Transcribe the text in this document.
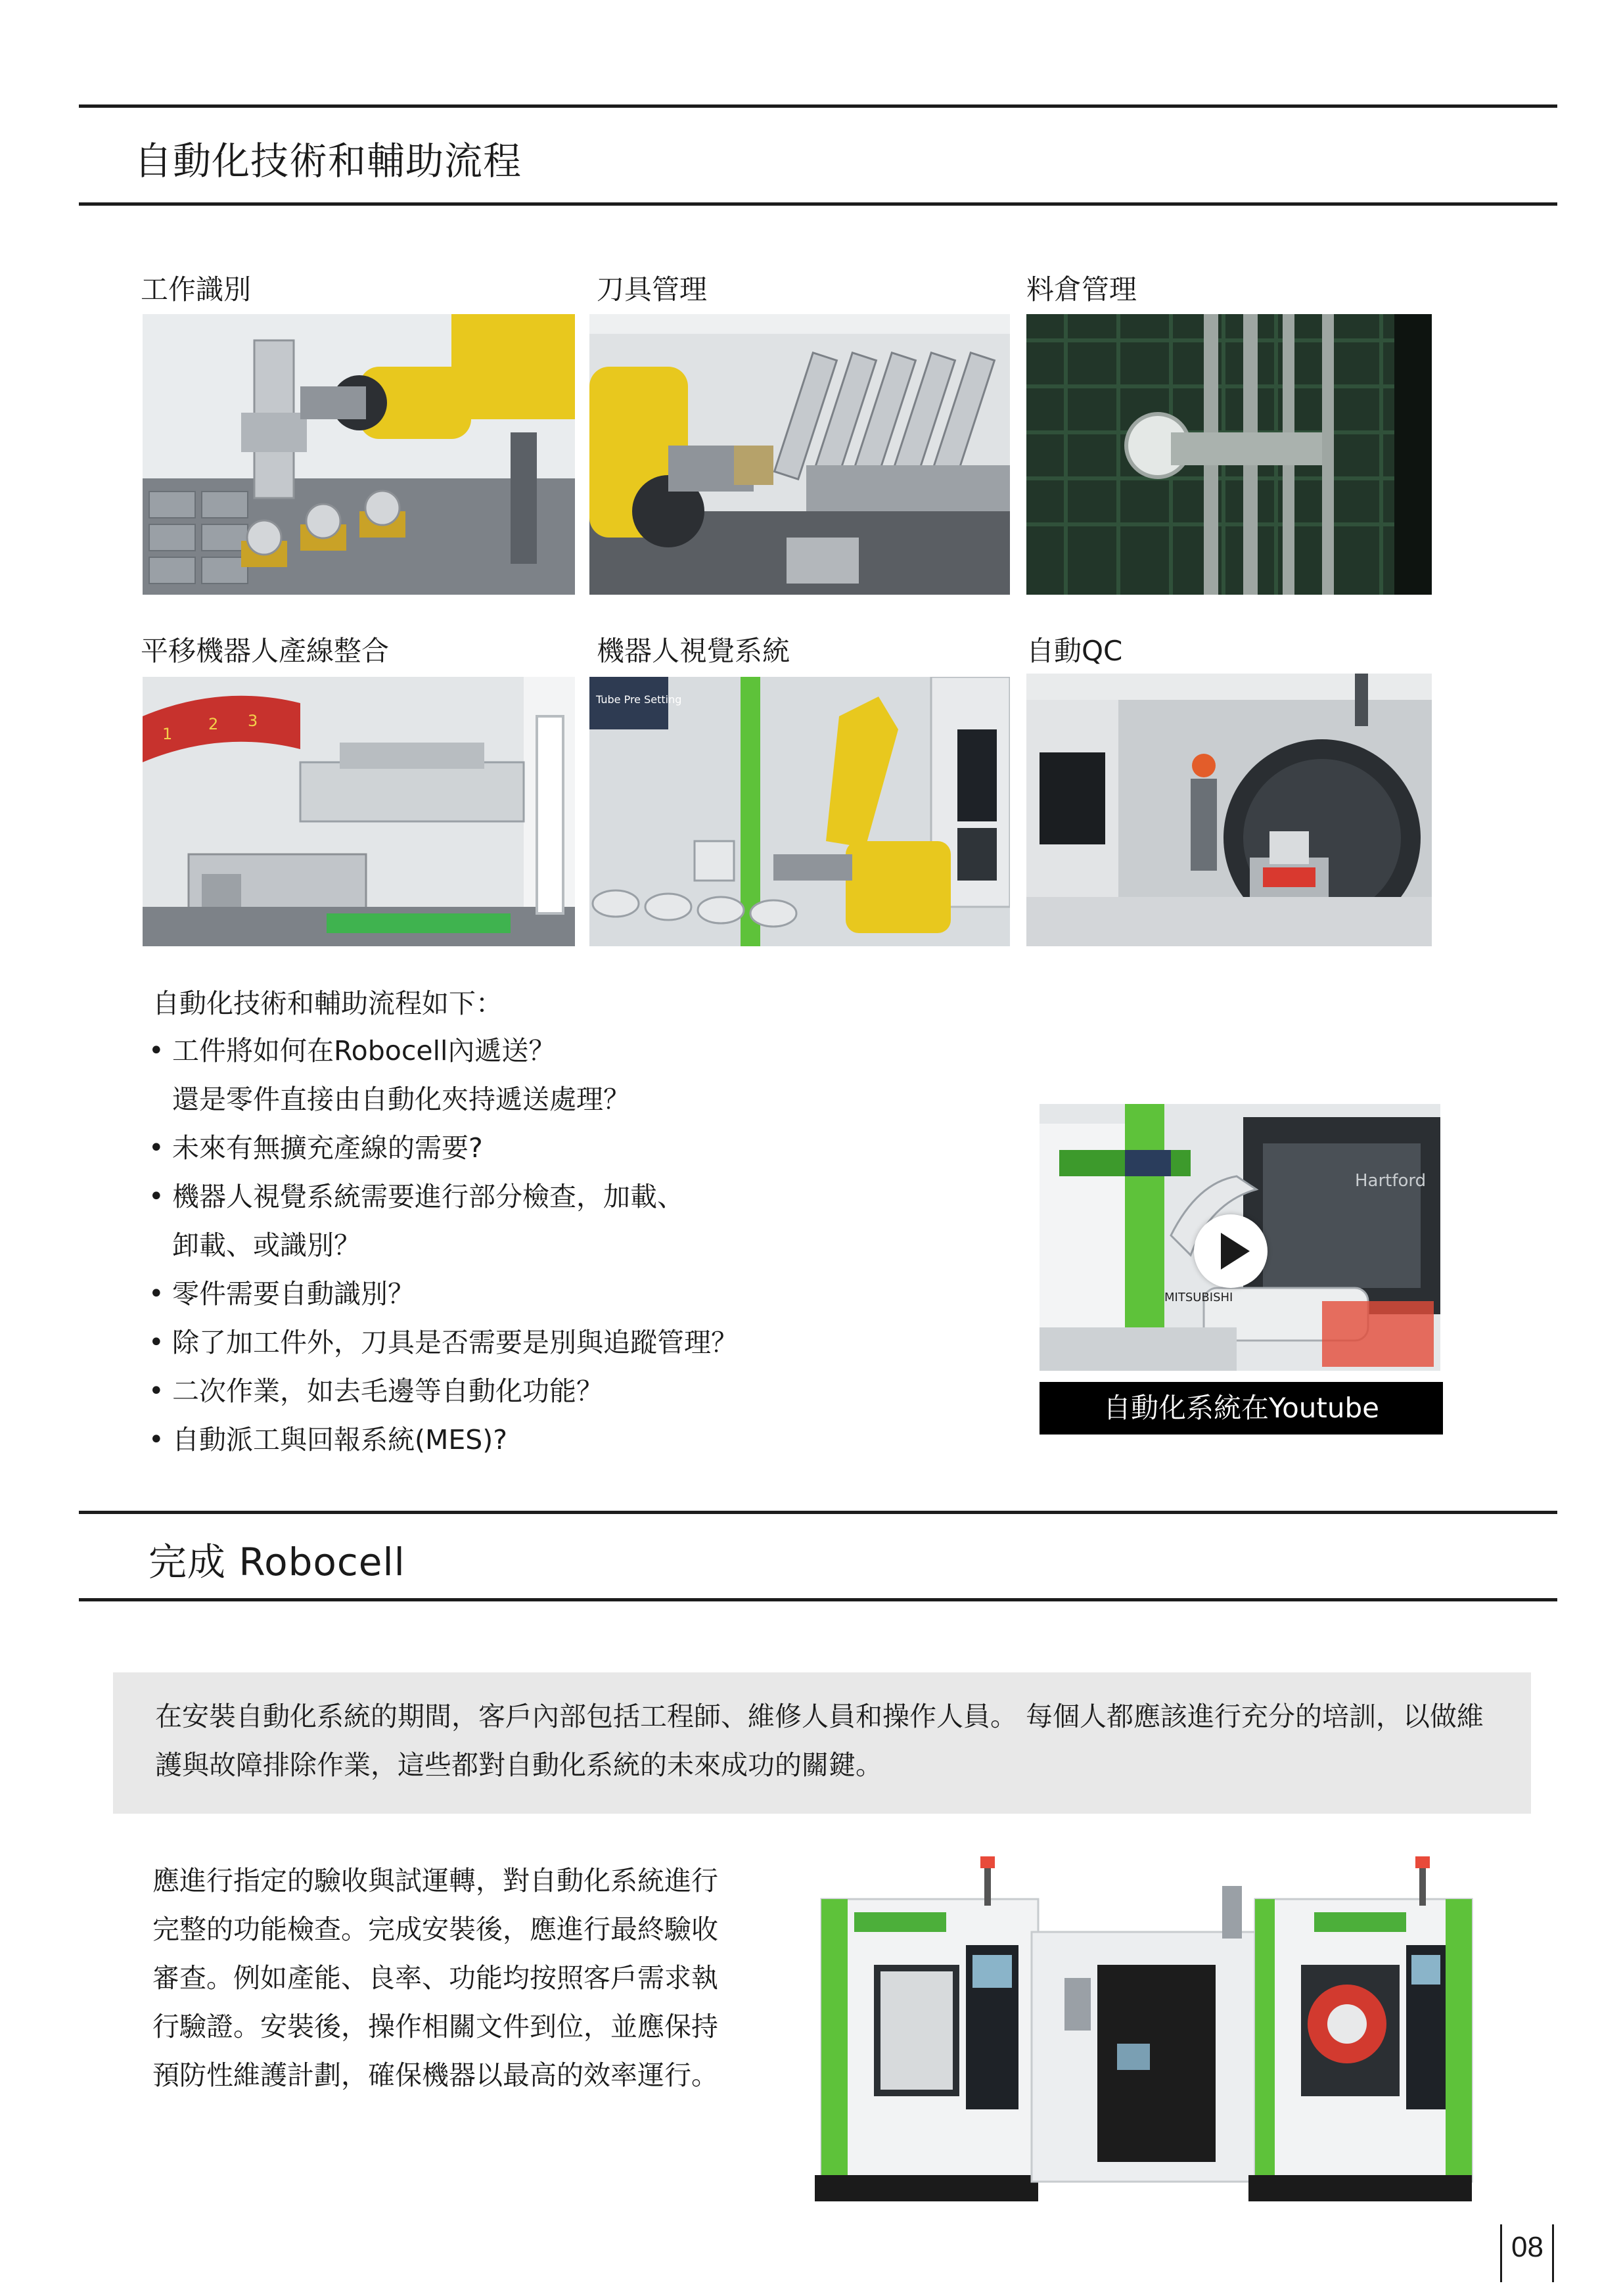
自動化技術和輔助流程
工作識別	刀具管理	料倉管理
平移機器人產線整合	機器人視覺系統	自動QC
1
2 3
Tube Pre Setting
自動化技術和輔助流程如下：
• 工件將如何在Robocell內遞送？
還是零件直接由自動化夾持遞送處理？
• 未來有無擴充產線的需要?
• 機器人視覺系統需要進行部分檢查，加載、
卸載、或識別？
• 零件需要自動識別？
• 除了加工件外，刀具是否需要是別與追蹤管理？
• 二次作業，如去毛邊等自動化功能？
• 自動派工與回報系統(MES)?
Hartford
MITSUBISHI
自動化系統在Youtube
完成 Robocell

在安裝自動化系統的期間，客戶內部包括工程師、維修人員和操作人員。 每個人都應該進行充分的培訓，以做維護與故障排除作業，這些都對自動化系統的未來成功的關鍵。

應進行指定的驗收與試運轉，對自動化系統進行完整的功能檢查。完成安裝後，應進行最終驗收審查。例如產能、良率、功能均按照客戶需求執行驗證。安裝後，操作相關文件到位，並應保持預防性維護計劃，確保機器以最高的效率運行。
08
